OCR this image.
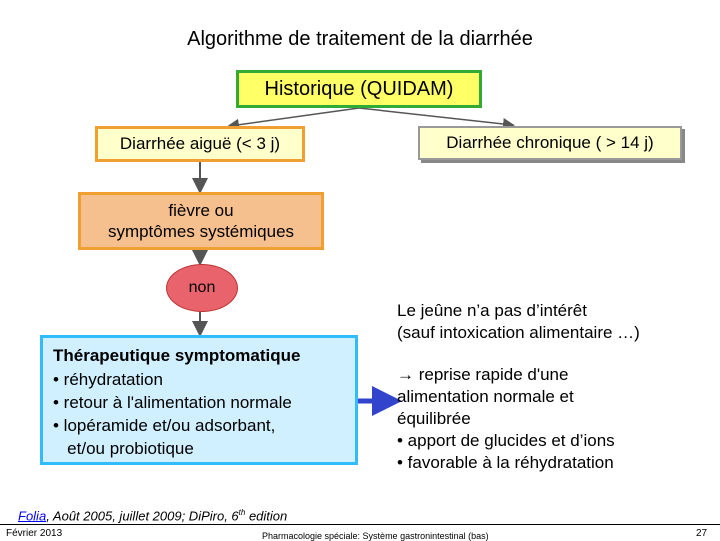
Algorithme de traitement de la diarrhée
Historique (QUIDAM)
Diarrhée aiguë (< 3 j)	Diarrhée chronique ( > 14 j)
fièvre ou
symptômes systémiques
non
Thérapeutique symptomatique
• réhydratation
• retour à l'alimentation normale
• lopéramide et/ou adsorbant,
et/ou probiotique

Le jeûne n’a pas d’intérêt

(sauf intoxication alimentaire …)

→ reprise rapide d'une

alimentation normale et

équilibrée

• apport de glucides et d’ions

• favorable à la réhydratation

Folia, Août 2005, juillet 2009; DiPiro, 6th edition
Février 2013	Pharmacologie spéciale: Système gastronintestinal (bas)	27
